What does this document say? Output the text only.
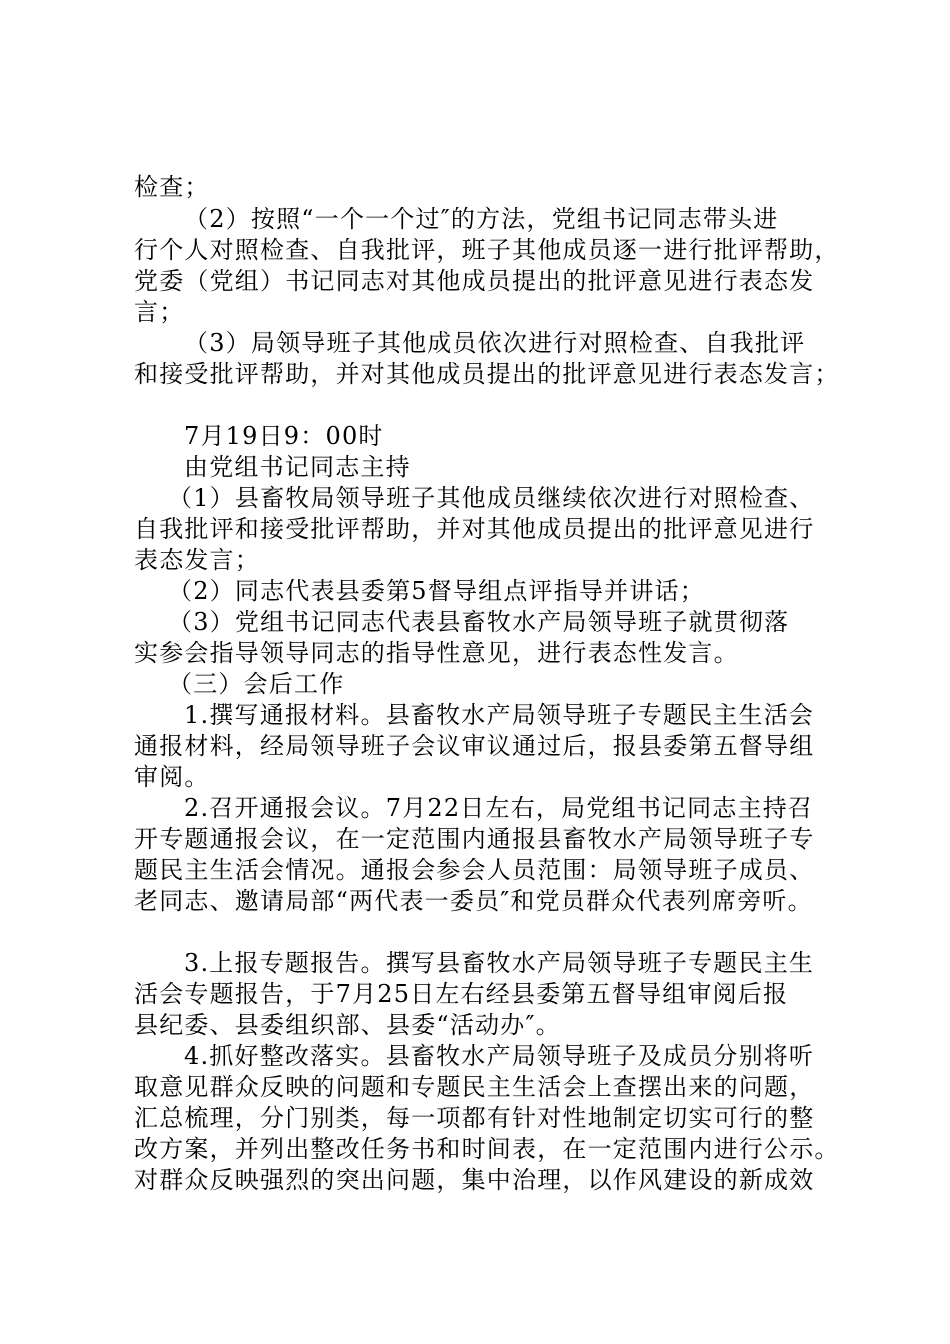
检查；
（2）按照“一个一个过″的方法，党组书记同志带头进
行个人对照检查、自我批评，班子其他成员逐一进行批评帮助，
党委（党组）书记同志对其他成员提出的批评意见进行表态发
言；
（3）局领导班子其他成员依次进行对照检查、自我批评
和接受批评帮助，并对其他成员提出的批评意见进行表态发言；
7月19日9：00时
由党组书记同志主持
（1）县畜牧局领导班子其他成员继续依次进行对照检查、
自我批评和接受批评帮助，并对其他成员提出的批评意见进行
表态发言；
（2）同志代表县委第5督导组点评指导并讲话；
（3）党组书记同志代表县畜牧水产局领导班子就贯彻落
实参会指导领导同志的指导性意见，进行表态性发言。
（三）会后工作
1.撰写通报材料。县畜牧水产局领导班子专题民主生活会
通报材料，经局领导班子会议审议通过后，报县委第五督导组
审阅。
2.召开通报会议。7月22日左右，局党组书记同志主持召
开专题通报会议，在一定范围内通报县畜牧水产局领导班子专
题民主生活会情况。通报会参会人员范围：局领导班子成员、
老同志、邀请局部“两代表一委员″和党员群众代表列席旁听。
3.上报专题报告。撰写县畜牧水产局领导班子专题民主生
活会专题报告，于7月25日左右经县委第五督导组审阅后报
县纪委、县委组织部、县委“活动办″。
4.抓好整改落实。县畜牧水产局领导班子及成员分别将听
取意见群众反映的问题和专题民主生活会上查摆出来的问题，
汇总梳理，分门别类，每一项都有针对性地制定切实可行的整
改方案，并列出整改任务书和时间表，在一定范围内进行公示。
对群众反映强烈的突出问题，集中治理，以作风建设的新成效
